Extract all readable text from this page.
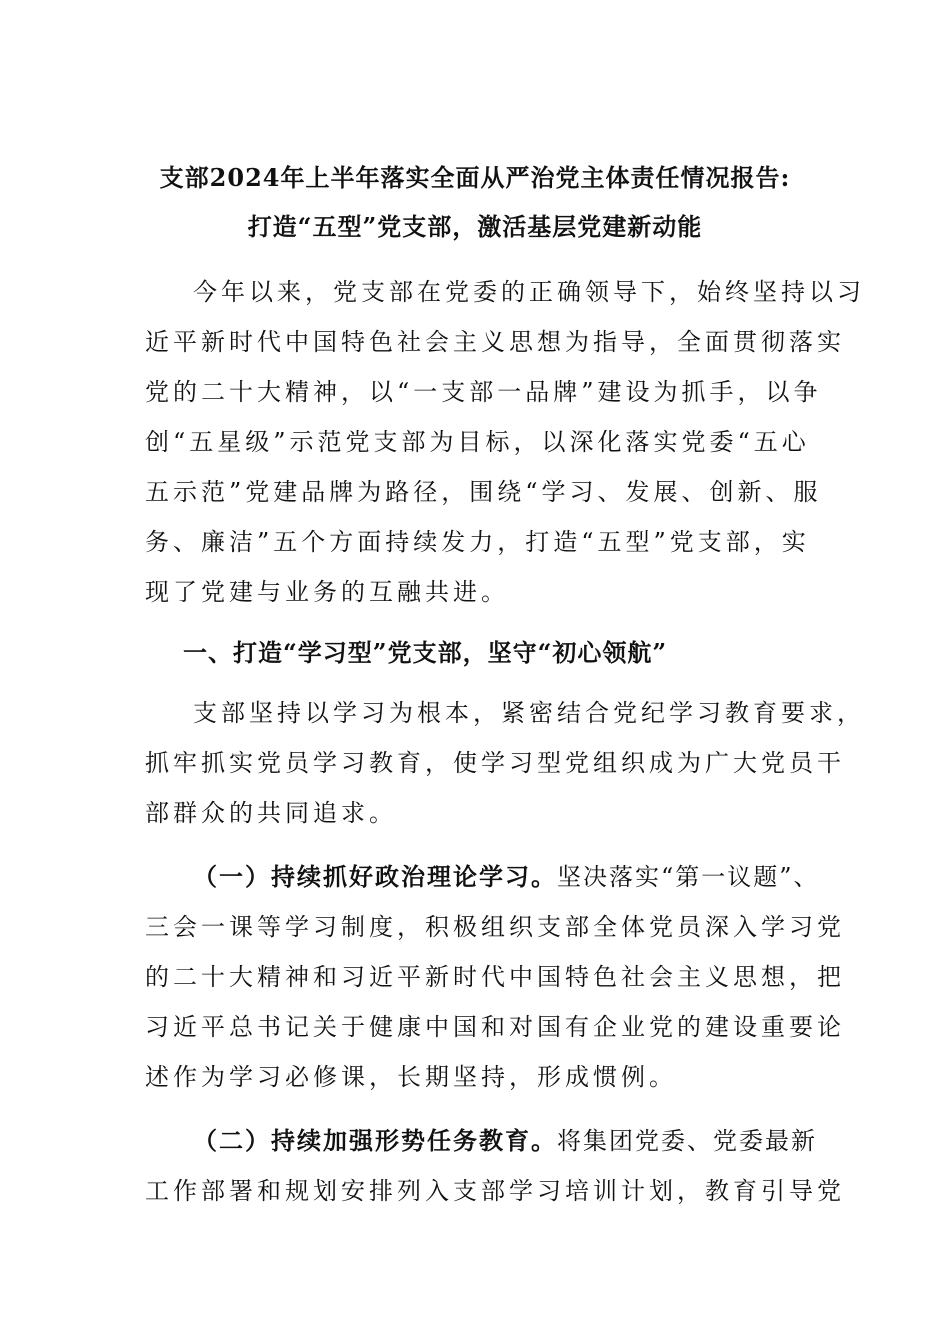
支部2024年上半年落实全面从严治党主体责任情况报告:
打造“五型”党支部，激活基层党建新动能
今年以来，党支部在党委的正确领导下，始终坚持以习
近平新时代中国特色社会主义思想为指导，全面贯彻落实
党的二十大精神，以“一支部一品牌”建设为抓手，以争
创“五星级”示范党支部为目标，以深化落实党委“五心
五示范”党建品牌为路径，围绕“学习、发展、创新、服
务、廉洁”五个方面持续发力，打造“五型”党支部，实
现了党建与业务的互融共进。
一、打造“学习型”党支部，坚守“初心领航”
支部坚持以学习为根本，紧密结合党纪学习教育要求，
抓牢抓实党员学习教育，使学习型党组织成为广大党员干
部群众的共同追求。
（一）持续抓好政治理论学习。坚决落实“第一议题”、
三会一课等学习制度，积极组织支部全体党员深入学习党
的二十大精神和习近平新时代中国特色社会主义思想，把
习近平总书记关于健康中国和对国有企业党的建设重要论
述作为学习必修课，长期坚持，形成惯例。
（二）持续加强形势任务教育。将集团党委、党委最新
工作部署和规划安排列入支部学习培训计划，教育引导党
